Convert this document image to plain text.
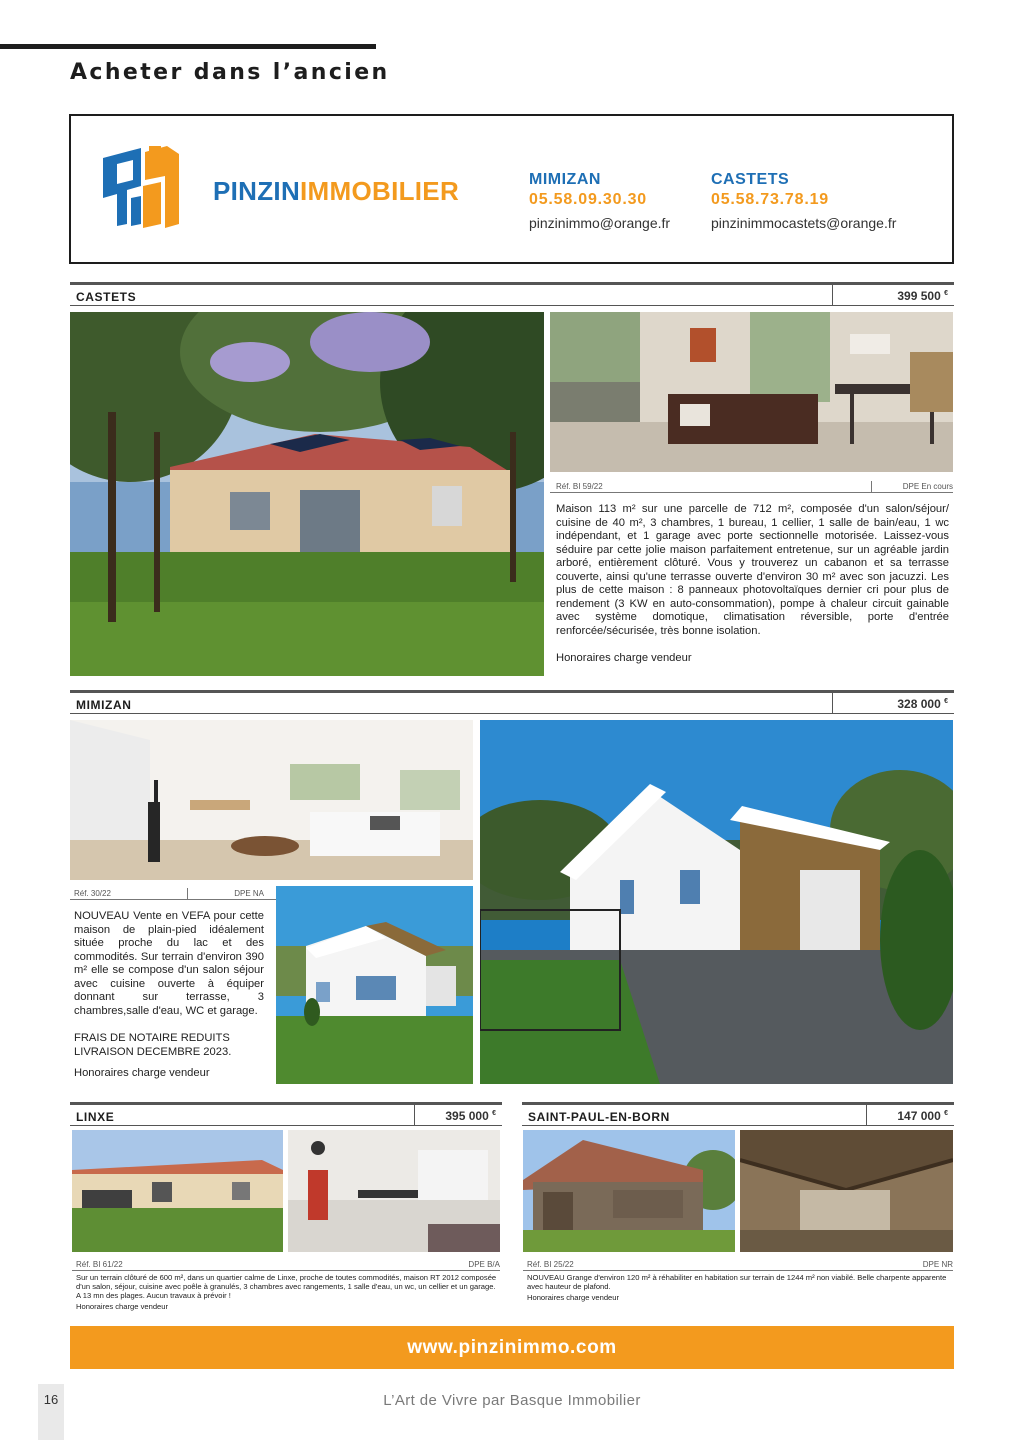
Acheter dans l’ancien
PINZINIMMOBILIER	MIMIZAN
05.58.09.30.30
pinzinimmo@orange.fr
CASTETS
05.58.73.78.19
pinzinimmocastets@orange.fr
CASTETS	399 500 €
Réf. BI 59/22	DPE En cours
Maison 113 m² sur une parcelle de 712 m², composée d'un salon/séjour/ cuisine de 40 m², 3 chambres, 1 bureau, 1 cellier, 1 salle de bain/eau, 1 wc indépendant, et 1 garage avec porte sectionnelle motorisée. Laissez-vous séduire par cette jolie maison parfaitement entretenue, sur un agréable jardin arboré, entièrement clôturé. Vous y trouverez un cabanon et sa terrasse couverte, ainsi qu'une terrasse ouverte d'environ 30 m² avec son jacuzzi. Les plus de cette maison : 8 panneaux photovoltaïques dernier cri pour plus de rendement (3 KW en auto-consommation), pompe à chaleur circuit gainable avec système domotique, climatisation réversible, porte d'entrée renforcée/sécurisée, très bonne isolation.
Honoraires charge vendeur
MIMIZAN	328 000 €
Réf. 30/22	DPE NA
NOUVEAU Vente en VEFA pour cette maison de plain-pied idéalement située proche du lac et des commodités. Sur terrain d'environ 390 m² elle se compose d'un salon séjour avec cuisine ouverte à équiper donnant sur terrasse, 3 chambres,salle d'eau, WC et garage.
FRAIS DE NOTAIRE REDUITS
LIVRAISON DECEMBRE 2023.
Honoraires charge vendeur
LINXE	395 000 €
Réf. BI 61/22	DPE B/A
Sur un terrain clôturé de 600 m², dans un quartier calme de Linxe, proche de toutes commodités, maison RT 2012 composée d'un salon, séjour, cuisine avec poêle à granulés, 3 chambres avec rangements, 1 salle d'eau, un wc, un cellier et un garage. A 13 mn des plages. Aucun travaux à prévoir !
Honoraires charge vendeur
SAINT-PAUL-EN-BORN	147 000 €
Réf. BI 25/22	DPE NR
NOUVEAU Grange d'environ 120 m² à réhabiliter en habitation sur terrain de 1244 m² non viabilé. Belle charpente apparente avec hauteur de plafond.
Honoraires charge vendeur
www.pinzinimmo.com
16	L’Art de Vivre par Basque Immobilier
